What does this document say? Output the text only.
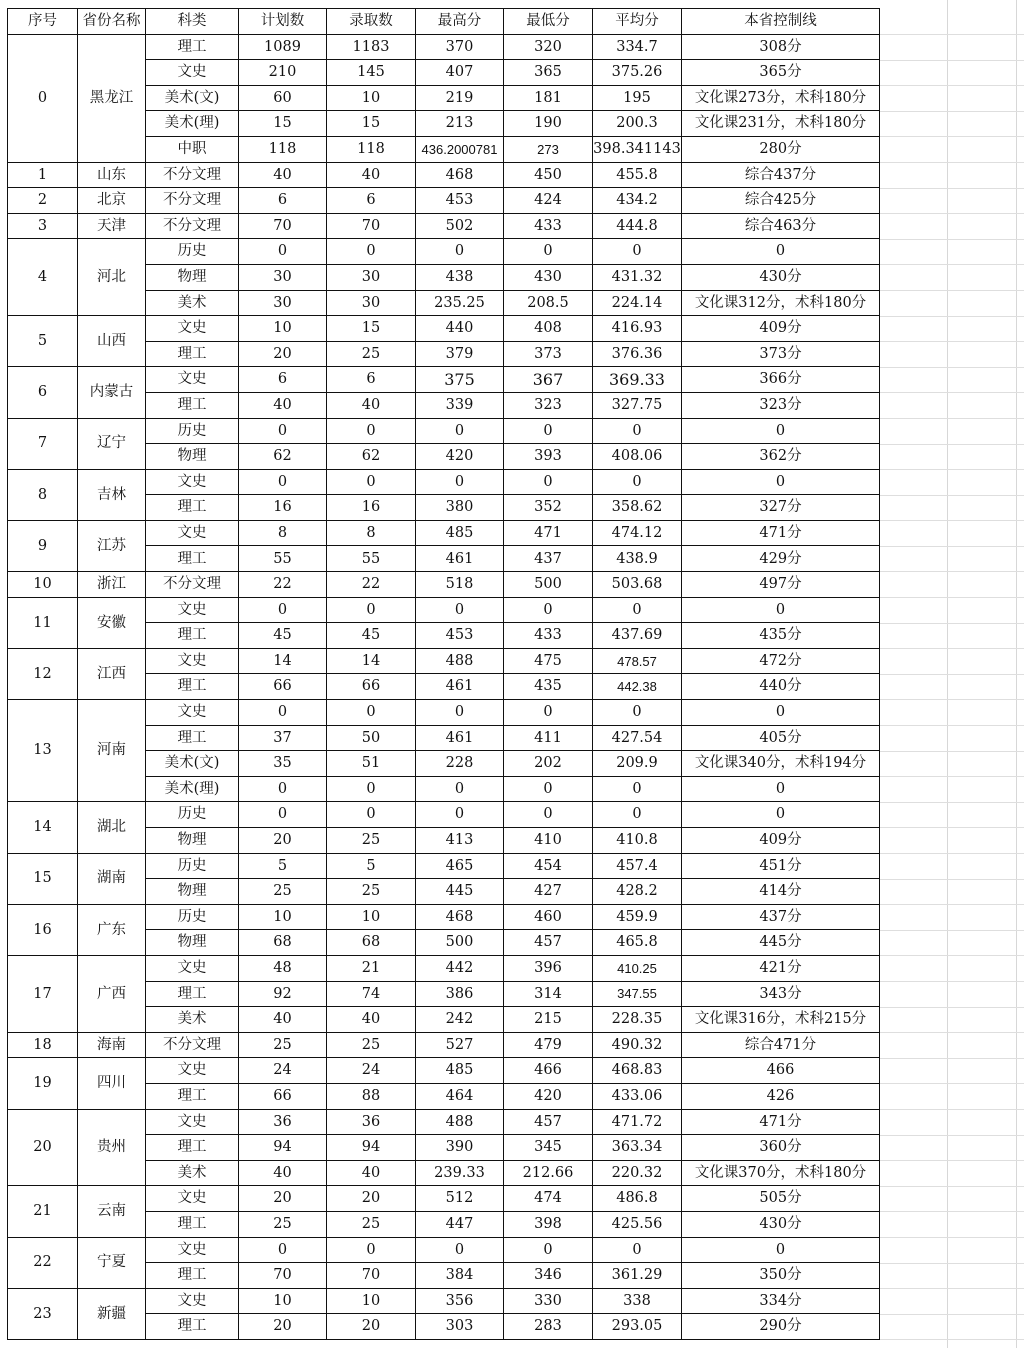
序号	省份名称	科类	计划数	录取数	最高分	最低分	平均分	本省控制线
0	黑龙江	理工	1089	1183	370	320	334.7	308分
		文史	210	145	407	365	375.26	365分
		美术(文)	60	10	219	181	195	文化课273分，术科180分
		美术(理)	15	15	213	190	200.3	文化课231分，术科180分
		中职	118	118	436.2000781	273	398.341143	280分
1	山东	不分文理	40	40	468	450	455.8	综合437分
2	北京	不分文理	6	6	453	424	434.2	综合425分
3	天津	不分文理	70	70	502	433	444.8	综合463分
4	河北	历史	0	0	0	0	0	0
		物理	30	30	438	430	431.32	430分
		美术	30	30	235.25	208.5	224.14	文化课312分，术科180分
5	山西	文史	10	15	440	408	416.93	409分
		理工	20	25	379	373	376.36	373分
6	内蒙古	文史	6	6	375	367	369.33	366分
		理工	40	40	339	323	327.75	323分
7	辽宁	历史	0	0	0	0	0	0
		物理	62	62	420	393	408.06	362分
8	吉林	文史	0	0	0	0	0	0
		理工	16	16	380	352	358.62	327分
9	江苏	文史	8	8	485	471	474.12	471分
		理工	55	55	461	437	438.9	429分
10	浙江	不分文理	22	22	518	500	503.68	497分
11	安徽	文史	0	0	0	0	0	0
		理工	45	45	453	433	437.69	435分
12	江西	文史	14	14	488	475	478.57	472分
		理工	66	66	461	435	442.38	440分
13	河南	文史	0	0	0	0	0	0
		理工	37	50	461	411	427.54	405分
		美术(文)	35	51	228	202	209.9	文化课340分，术科194分
		美术(理)	0	0	0	0	0	0
14	湖北	历史	0	0	0	0	0	0
		物理	20	25	413	410	410.8	409分
15	湖南	历史	5	5	465	454	457.4	451分
		物理	25	25	445	427	428.2	414分
16	广东	历史	10	10	468	460	459.9	437分
		物理	68	68	500	457	465.8	445分
17	广西	文史	48	21	442	396	410.25	421分
		理工	92	74	386	314	347.55	343分
		美术	40	40	242	215	228.35	文化课316分，术科215分
18	海南	不分文理	25	25	527	479	490.32	综合471分
19	四川	文史	24	24	485	466	468.83	466
		理工	66	88	464	420	433.06	426
20	贵州	文史	36	36	488	457	471.72	471分
		理工	94	94	390	345	363.34	360分
		美术	40	40	239.33	212.66	220.32	文化课370分，术科180分
21	云南	文史	20	20	512	474	486.8	505分
		理工	25	25	447	398	425.56	430分
22	宁夏	文史	0	0	0	0	0	0
		理工	70	70	384	346	361.29	350分
23	新疆	文史	10	10	356	330	338	334分
		理工	20	20	303	283	293.05	290分
